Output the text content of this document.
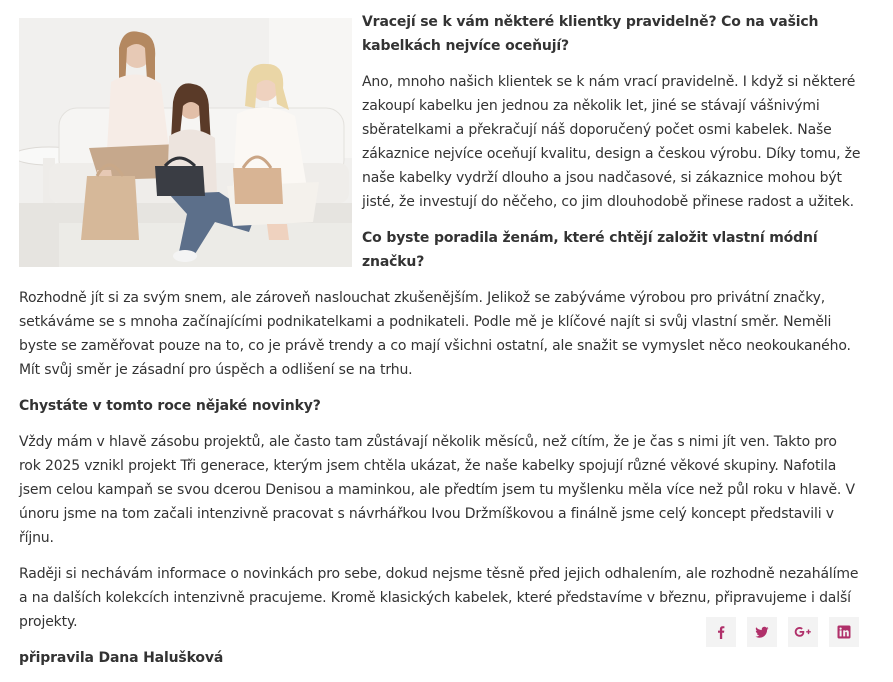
Vracejí se k vám některé klientky pravidelně? Co na vašich kabelkách nejvíce oceňují?

Ano, mnoho našich klientek se k nám vrací pravidelně. I když si některé zakoupí kabelku jen jednou za několik let, jiné se stávají vášnivými sběratelkami a překračují náš doporučený počet osmi kabelek. Naše zákaznice nejvíce oceňují kvalitu, design a českou výrobu. Díky tomu, že naše kabelky vydrží dlouho a jsou nadčasové, si zákaznice mohou být jisté, že investují do něčeho, co jim dlouhodobě přinese radost a užitek.

Co byste poradila ženám, které chtějí založit vlastní módní značku?

Rozhodně jít si za svým snem, ale zároveň naslouchat zkušenějším. Jelikož se zabýváme výrobou pro privátní značky, setkáváme se s mnoha začínajícími podnikatelkami a podnikateli. Podle mě je klíčové najít si svůj vlastní směr. Neměli byste se zaměřovat pouze na to, co je právě trendy a co mají všichni ostatní, ale snažit se vymyslet něco neokoukaného. Mít svůj směr je zásadní pro úspěch a odlišení se na trhu.

Chystáte v tomto roce nějaké novinky?

Vždy mám v hlavě zásobu projektů, ale často tam zůstávají několik měsíců, než cítím, že je čas s nimi jít ven. Takto pro rok 2025 vznikl projekt Tři generace, kterým jsem chtěla ukázat, že naše kabelky spojují různé věkové skupiny. Nafotila jsem celou kampaň se svou dcerou Denisou a maminkou, ale předtím jsem tu myšlenku měla více než půl roku v hlavě. V únoru jsme na tom začali intenzivně pracovat s návrhářkou Ivou Držmíškovou a finálně jsme celý koncept představili v říjnu.

Raději si nechávám informace o novinkách pro sebe, dokud nejsme těsně před jejich odhalením, ale rozhodně nezahálíme a na dalších kolekcích intenzivně pracujeme. Kromě klasických kabelek, které představíme v březnu, připravujeme i další projekty.

připravila Dana Halušková
